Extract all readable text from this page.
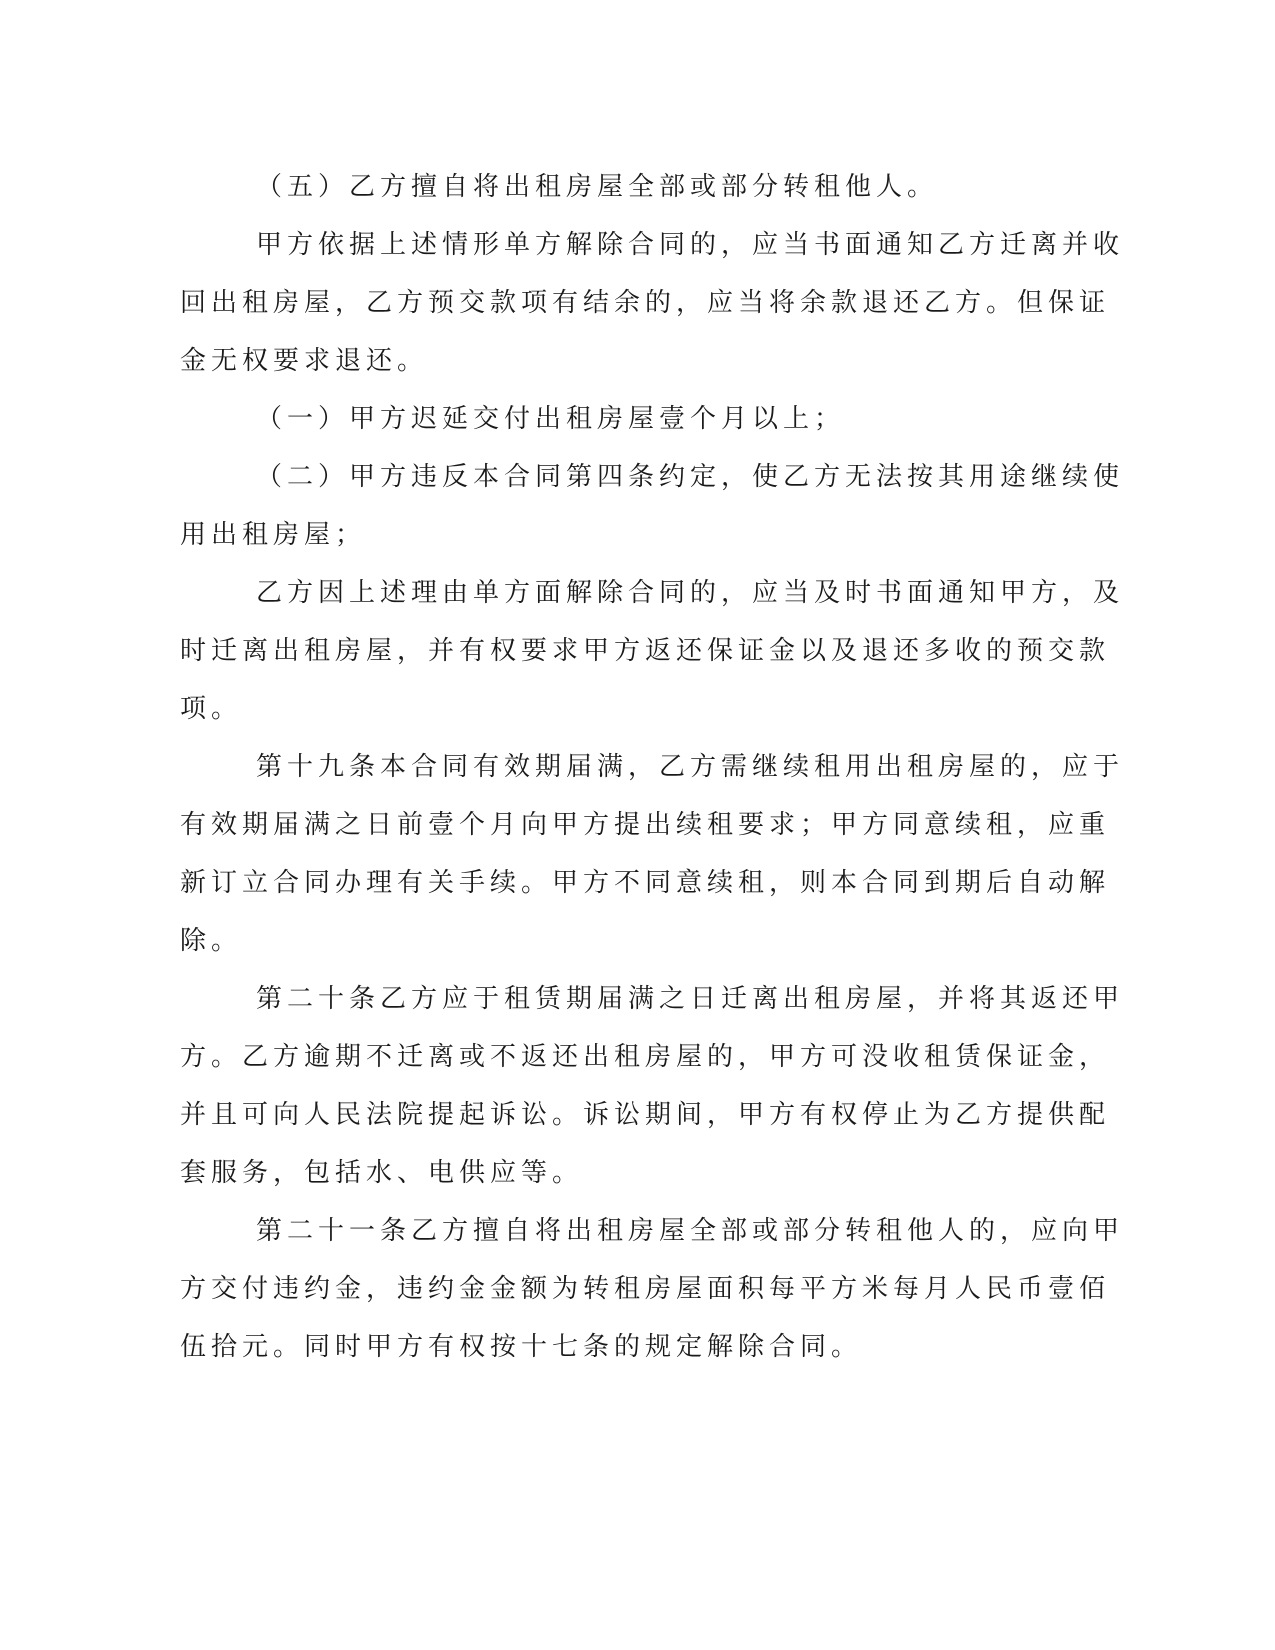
（五）乙方擅自将出租房屋全部或部分转租他人。
甲方依据上述情形单方解除合同的，应当书面通知乙方迁离并收
回出租房屋，乙方预交款项有结余的，应当将余款退还乙方。但保证
金无权要求退还。
（一）甲方迟延交付出租房屋壹个月以上；
（二）甲方违反本合同第四条约定，使乙方无法按其用途继续使
用出租房屋；
乙方因上述理由单方面解除合同的，应当及时书面通知甲方，及
时迁离出租房屋，并有权要求甲方返还保证金以及退还多收的预交款
项。
第十九条本合同有效期届满，乙方需继续租用出租房屋的，应于
有效期届满之日前壹个月向甲方提出续租要求；甲方同意续租，应重
新订立合同办理有关手续。甲方不同意续租，则本合同到期后自动解
除。
第二十条乙方应于租赁期届满之日迁离出租房屋，并将其返还甲
方。乙方逾期不迁离或不返还出租房屋的，甲方可没收租赁保证金，
并且可向人民法院提起诉讼。诉讼期间，甲方有权停止为乙方提供配
套服务，包括水、电供应等。
第二十一条乙方擅自将出租房屋全部或部分转租他人的，应向甲
方交付违约金，违约金金额为转租房屋面积每平方米每月人民币壹佰
伍拾元。同时甲方有权按十七条的规定解除合同。
